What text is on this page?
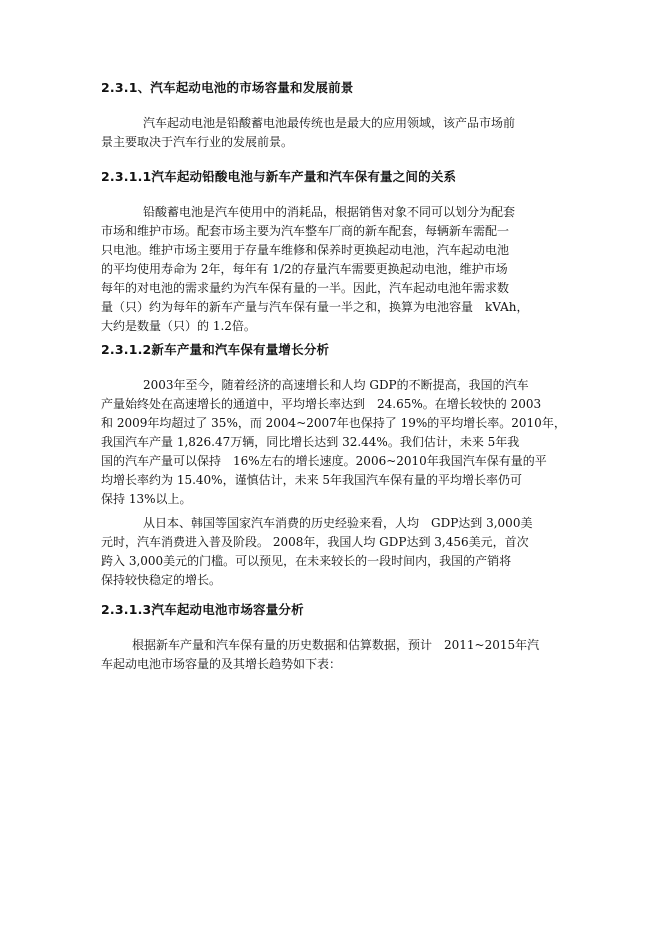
2.3.1、汽车起动电池的市场容量和发展前景
汽车起动电池是铅酸蓄电池最传统也是最大的应用领域，该产品市场前
景主要取决于汽车行业的发展前景。
2.3.1.1汽车起动铅酸电池与新车产量和汽车保有量之间的关系
铅酸蓄电池是汽车使用中的消耗品，根据销售对象不同可以划分为配套
市场和维护市场。配套市场主要为汽车整车厂商的新车配套，每辆新车需配一
只电池。维护市场主要用于存量车维修和保养时更换起动电池，汽车起动电池
的平均使用寿命为 2年，每年有 1/2的存量汽车需要更换起动电池，维护市场
每年的对电池的需求量约为汽车保有量的一半。因此，汽车起动电池年需求数
量（只）约为每年的新车产量与汽车保有量一半之和，换算为电池容量　kVAh，
大约是数量（只）的 1.2倍。
2.3.1.2新车产量和汽车保有量增长分析
2003年至今，随着经济的高速增长和人均 GDP的不断提高，我国的汽车
产量始终处在高速增长的通道中，平均增长率达到　24.65%。在增长较快的 2003
和 2009年均超过了 35%，而 2004~2007年也保持了 19%的平均增长率。2010年，
我国汽车产量 1,826.47万辆，同比增长达到 32.44%。我们估计，未来 5年我
国的汽车产量可以保持　16%左右的增长速度。2006~2010年我国汽车保有量的平
均增长率约为 15.40%，谨慎估计，未来 5年我国汽车保有量的平均增长率仍可
保持 13%以上。
从日本、韩国等国家汽车消费的历史经验来看，人均　GDP达到 3,000美
元时，汽车消费进入普及阶段。 2008年，我国人均 GDP达到 3,456美元，首次
跨入 3,000美元的门槛。可以预见，在未来较长的一段时间内，我国的产销将
保持较快稳定的增长。
2.3.1.3汽车起动电池市场容量分析
根据新车产量和汽车保有量的历史数据和估算数据，预计　2011~2015年汽
车起动电池市场容量的及其增长趋势如下表：
